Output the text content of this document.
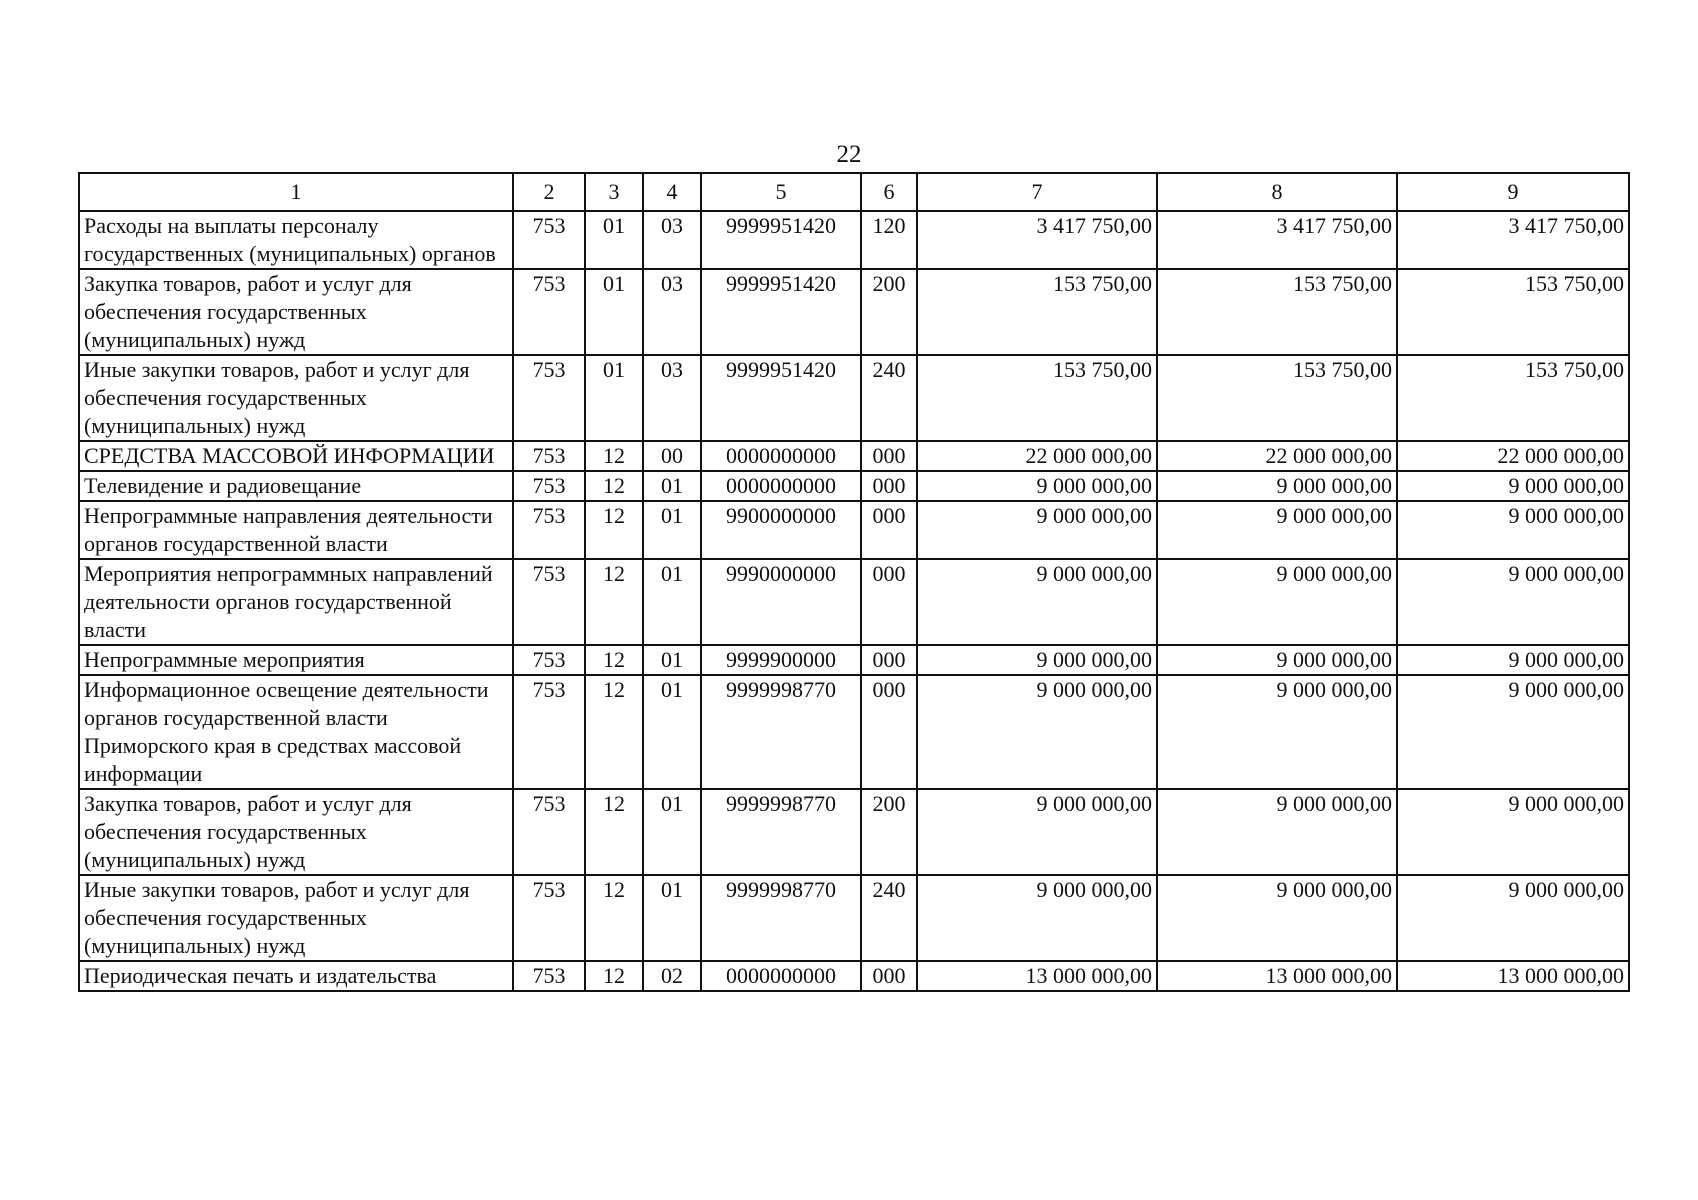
22
1	2	3	4	5	6	7	8	9
Расходы на выплаты персоналу государственных (муниципальных) органов	753	01	03	9999951420	120	3 417 750,00	3 417 750,00	3 417 750,00
Закупка товаров, работ и услуг для обеспечения государственных (муниципальных) нужд	753	01	03	9999951420	200	153 750,00	153 750,00	153 750,00
Иные закупки товаров, работ и услуг для обеспечения государственных (муниципальных) нужд	753	01	03	9999951420	240	153 750,00	153 750,00	153 750,00
СРЕДСТВА МАССОВОЙ ИНФОРМАЦИИ	753	12	00	0000000000	000	22 000 000,00	22 000 000,00	22 000 000,00
Телевидение и радиовещание	753	12	01	0000000000	000	9 000 000,00	9 000 000,00	9 000 000,00
Непрограммные направления деятельности органов государственной власти	753	12	01	9900000000	000	9 000 000,00	9 000 000,00	9 000 000,00
Мероприятия непрограммных направлений деятельности органов государственной власти	753	12	01	9990000000	000	9 000 000,00	9 000 000,00	9 000 000,00
Непрограммные мероприятия	753	12	01	9999900000	000	9 000 000,00	9 000 000,00	9 000 000,00
Информационное освещение деятельности органов государственной власти Приморского края в средствах массовой информации	753	12	01	9999998770	000	9 000 000,00	9 000 000,00	9 000 000,00
Закупка товаров, работ и услуг для обеспечения государственных (муниципальных) нужд	753	12	01	9999998770	200	9 000 000,00	9 000 000,00	9 000 000,00
Иные закупки товаров, работ и услуг для обеспечения государственных (муниципальных) нужд	753	12	01	9999998770	240	9 000 000,00	9 000 000,00	9 000 000,00
Периодическая печать и издательства	753	12	02	0000000000	000	13 000 000,00	13 000 000,00	13 000 000,00
